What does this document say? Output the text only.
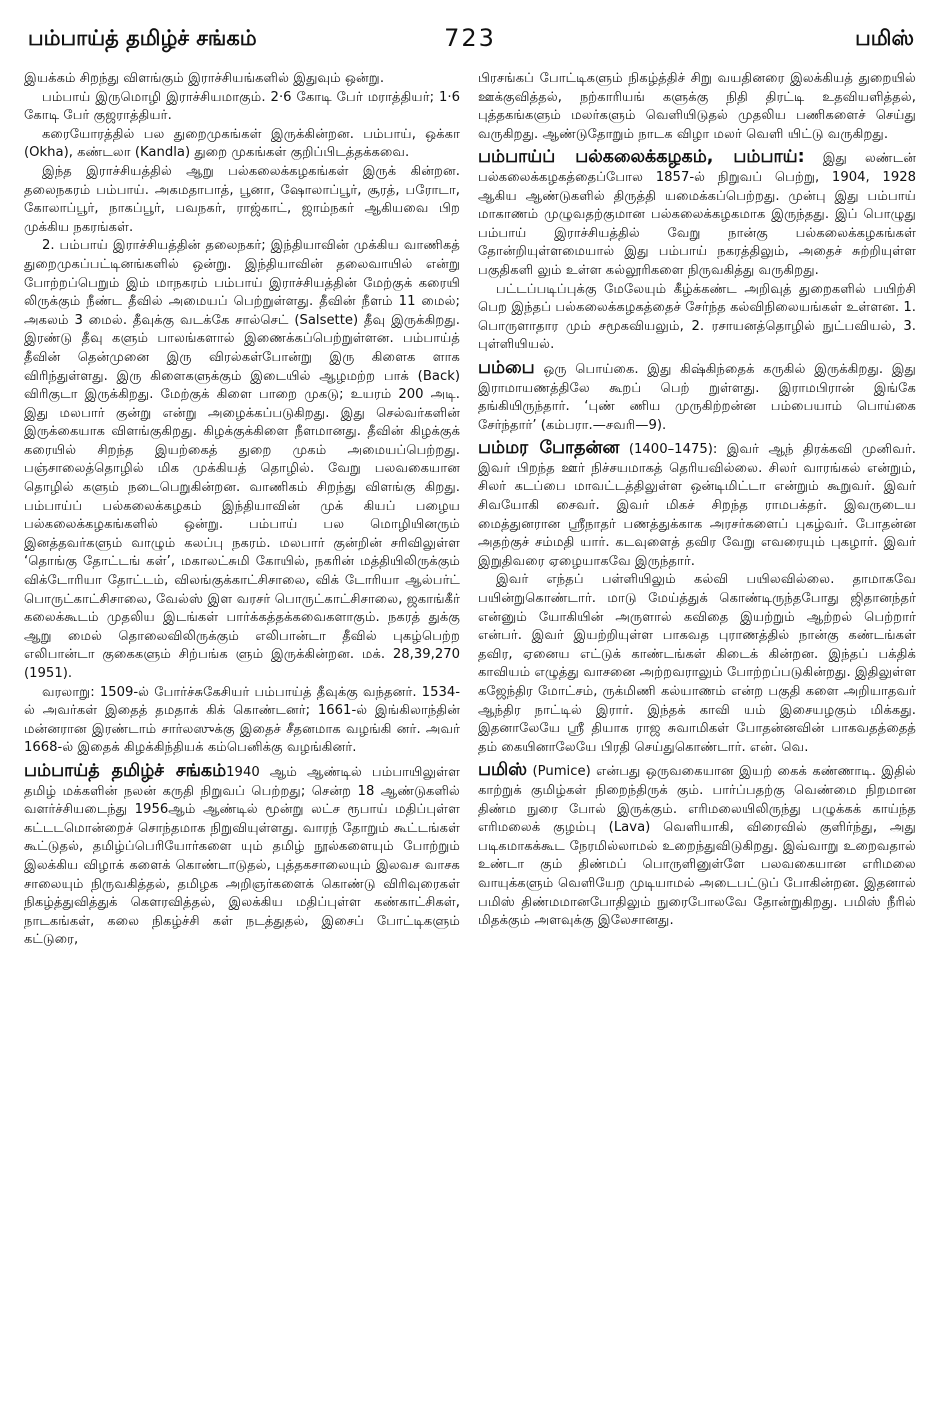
பம்பாய்த் தமிழ்ச் சங்கம்	723	பமிஸ்

இயக்கம் சிறந்து விளங்கும் இராச்சியங்களில் இதுவும் ஒன்று.

பம்பாய் இருமொழி இராச்சியமாகும். 2·6 கோடி பேர் மராத்தியர்; 1·6 கோடி பேர் குஜராத்தியர்.

கரையோரத்தில் பல துறைமுகங்கள் இருக்கின்றன. பம்பாய், ஒக்கா (Okha), கண்டலா (Kandla) துறை முகங்கள் குறிப்பிடத்தக்கவை.

இந்த இராச்சியத்தில் ஆறு பல்கலைக்கழகங்கள் இருக் கின்றன. தலைநகரம் பம்பாய். அகமதாபாத், பூனா, ஷோலாப்பூர், சூரத், பரோடா, கோலாப்பூர், நாகப்பூர், பவநகர், ராஜ்காட், ஜாம்நகர் ஆகியவை பிற முக்கிய நகரங்கள்.

2. பம்பாய் இராச்சியத்தின் தலைநகர்; இந்தியாவின் முக்கிய வாணிகத் துறைமுகப்பட்டினங்களில் ஒன்று. இந்தியாவின் தலைவாயில் என்று போற்றப்பெறும் இம் மாநகரம் பம்பாய் இராச்சியத்தின் மேற்குக் கரையி லிருக்கும் நீண்ட தீவில் அமையப் பெற்றுள்ளது. தீவின் நீளம் 11 மைல்; அகலம் 3 மைல். தீவுக்கு வடக்கே சால்செட் (Salsette) தீவு இருக்கிறது. இரண்டு தீவு களும் பாலங்களால் இணைக்கப்பெற்றுள்ளன. பம்பாய்த் தீவின் தென்முனை இரு விரல்கள்போன்று இரு கிளைக ளாக விரிந்துள்ளது. இரு கிளைகளுக்கும் இடையில் ஆழமற்ற பாக் (Back) விரிகுடா இருக்கிறது. மேற்குக் கிளை பாறை முகடு; உயரம் 200 அடி. இது மலபார் குன்று என்று அழைக்கப்படுகிறது. இது செல்வர்களின் இருக்கையாக விளங்குகிறது. கிழக்குக்கிளை நீளமானது. தீவின் கிழக்குக் கரையில் சிறந்த இயற்கைத் துறை முகம் அமையப்பெற்றது. பஞ்சாலைத்தொழில் மிக முக்கியத் தொழில். வேறு பலவகையான தொழில் களும் நடைபெறுகின்றன. வாணிகம் சிறந்து விளங்கு கிறது. பம்பாய்ப் பல்கலைக்கழகம் இந்தியாவின் முக் கியப் பழைய பல்கலைக்கழகங்களில் ஒன்று. பம்பாய் பல மொழியினரும் இனத்தவர்களும் வாழும் கலப்பு நகரம். மலபார் குன்றின் சரிவிலுள்ள ‘தொங்கு தோட்டங் கள்’, மகாலட்சுமி கோயில், நகரின் மத்தியிலிருக்கும் விக்டோரியா தோட்டம், விலங்குக்காட்சிசாலை, விக் டோரியா ஆல்பர்ட் பொருட்காட்சிசாலை, வேல்ஸ் இள வரசர் பொருட்காட்சிசாலை, ஜகாங்கீர் கலைக்கூடம் முதலிய இடங்கள் பார்க்கத்தக்கவைகளாகும். நகரத் துக்கு ஆறு மைல் தொலைவிலிருக்கும் எலிபான்டா தீவில் புகழ்பெற்ற எலிபான்டா குகைகளும் சிற்பங்க ளும் இருக்கின்றன. மக். 28,39,270 (1951).

வரலாறு: 1509-ல் போர்ச்சுகேசியர் பம்பாய்த் தீவுக்கு வந்தனர். 1534-ல் அவர்கள் இதைத் தமதாக் கிக் கொண்டனர்; 1661-ல் இங்கிலாந்தின் மன்னரான இரண்டாம் சார்லஸுக்கு இதைச் சீதனமாக வழங்கி னர். அவர் 1668-ல் இதைக் கிழக்கிந்தியக் கம்பெனிக்கு வழங்கினர்.

பம்பாய்த் தமிழ்ச் சங்கம்1940 ஆம் ஆண்டில் பம்பாயிலுள்ள தமிழ் மக்களின் நலன் கருதி நிறுவப் பெற்றது; சென்ற 18 ஆண்டுகளில் வளர்ச்சியடைந்து 1956ஆம் ஆண்டில் மூன்று லட்ச ரூபாய் மதிப்புள்ள கட்டடமொன்றைச் சொந்தமாக நிறுவியுள்ளது. வாரந் தோறும் கூட்டங்கள் கூட்டுதல், தமிழ்ப்பெரியோர்களை யும் தமிழ் நூல்களையும் போற்றும் இலக்கிய விழாக் களைக் கொண்டாடுதல், புத்தகசாலையும் இலவச வாசக சாலையும் நிருவகித்தல், தமிழக அறிஞர்களைக் கொண்டு விரிவுரைகள் நிகழ்த்துவித்துக் கௌரவித்தல், இலக்கிய மதிப்புள்ள கண்காட்சிகள், நாடகங்கள், கலை நிகழ்ச்சி கள் நடத்துதல், இசைப் போட்டிகளும் கட்டுரை,

பிரசங்கப் போட்டிகளும் நிகழ்த்திச் சிறு வயதினரை இலக்கியத் துறையில் ஊக்குவித்தல், நற்காரியங் களுக்கு நிதி திரட்டி உதவியளித்தல், புத்தகங்களும் மலர்களும் வெளியிடுதல் முதலிய பணிகளைச் செய்து வருகிறது. ஆண்டுதோறும் நாடக விழா மலர் வெளி யிட்டு வருகிறது.

பம்பாய்ப் பல்கலைக்கழகம், பம்பாய்: இது லண்டன் பல்கலைக்கழகத்தைப்போல 1857-ல் நிறுவப் பெற்று, 1904, 1928 ஆகிய ஆண்டுகளில் திருத்தி யமைக்கப்பெற்றது. முன்பு இது பம்பாய் மாகாணம் முழுவதற்குமான பல்கலைக்கழகமாக இருந்தது. இப் பொழுது பம்பாய் இராச்சியத்தில் வேறு நான்கு பல்கலைக்கழகங்கள் தோன்றியுள்ளமையால் இது பம்பாய் நகரத்திலும், அதைச் சுற்றியுள்ள பகுதிகளி லும் உள்ள கல்லூரிகளை நிருவகித்து வருகிறது.

பட்டப்படிப்புக்கு மேலேயும் கீழ்க்கண்ட அறிவுத் துறைகளில் பயிற்சி பெற இந்தப் பல்கலைக்கழகத்தைச் சேர்ந்த கல்விநிலையங்கள் உள்ளன. 1. பொருளாதார மும் சமூகவியலும், 2. ரசாயனத்தொழில் நுட்பவியல், 3. புள்ளியியல்.

பம்பை ஒரு பொய்கை. இது கிஷ்கிந்தைக் கருகில் இருக்கிறது. இது இராமாயணத்திலே கூறப் பெற் றுள்ளது. இராமபிரான் இங்கே தங்கியிருந்தார். ‘புண் ணிய முருகிற்றன்ன பம்பையாம் பொய்கை சேர்ந்தார்’ (கம்பரா.—சவரி—9).

பம்மர போதன்ன (1400–1475): இவர் ஆந் திரக்கவி முனிவர். இவர் பிறந்த ஊர் நிச்சயமாகத் தெரியவில்லை. சிலர் வாரங்கல் என்றும், சிலர் கடப்பை மாவட்டத்திலுள்ள ஒன்டிமிட்டா என்றும் கூறுவர். இவர் சிவயோகி சைவர். இவர் மிகச் சிறந்த ராமபக்தர். இவருடைய மைத்துனரான ஸ்ரீநாதர் பணத்துக்காக அரசர்களைப் புகழ்வர். போதன்ன அதற்குச் சம்மதி யார். கடவுளைத் தவிர வேறு எவரையும் புகழார். இவர் இறுதிவரை ஏழையாகவே இருந்தார்.

இவர் எந்தப் பள்ளியிலும் கல்வி பயிலவில்லை. தாமாகவே பயின்றுகொண்டார். மாடு மேய்த்துக் கொண்டிருந்தபோது ஜிதானந்தர் என்னும் யோகியின் அருளால் கவிதை இயற்றும் ஆற்றல் பெற்றார் என்பர். இவர் இயற்றியுள்ள பாகவத புராணத்தில் நான்கு கண்டங்கள் தவிர, ஏனைய எட்டுக் காண்டங்கள் கிடைக் கின்றன. இந்தப் பக்திக் காவியம் எழுத்து வாசனை அற்றவராலும் போற்றப்படுகின்றது. இதிலுள்ள கஜேந்திர மோட்சம், ருக்மிணி கல்யாணம் என்ற பகுதி களை அறியாதவர் ஆந்திர நாட்டில் இரார். இந்தக் காவி யம் இசையழகும் மிக்கது. இதனாலேயே ஸ்ரீ தியாக ராஜ சுவாமிகள் போதன்னவின் பாகவதத்தைத் தம் கையினாலேயே பிரதி செய்துகொண்டார். என். வெ.

பமிஸ் (Pumice) என்பது ஒருவகையான இயற் கைக் கண்ணாடி. இதில் காற்றுக் குமிழ்கள் நிறைந்திருக் கும். பார்ப்பதற்கு வெண்மை நிறமான திண்ம நுரை போல் இருக்கும். எரிமலையிலிருந்து பழுக்கக் காய்ந்த எரிமலைக் குழம்பு (Lava) வெளியாகி, விரைவில் குளிர்ந்து, அது படிகமாகக்கூட நேரமில்லாமல் உறைந்துவிடுகிறது. இவ்வாறு உறைவதால் உண்டா கும் திண்மப் பொருளினுள்ளே பலவகையான எரிமலை வாயுக்களும் வெளியேற முடியாமல் அடைபட்டுப் போகின்றன. இதனால் பமிஸ் திண்மமானபோதிலும் நுரைபோலவே தோன்றுகிறது. பமிஸ் நீரில் மிதக்கும் அளவுக்கு இலேசானது.
